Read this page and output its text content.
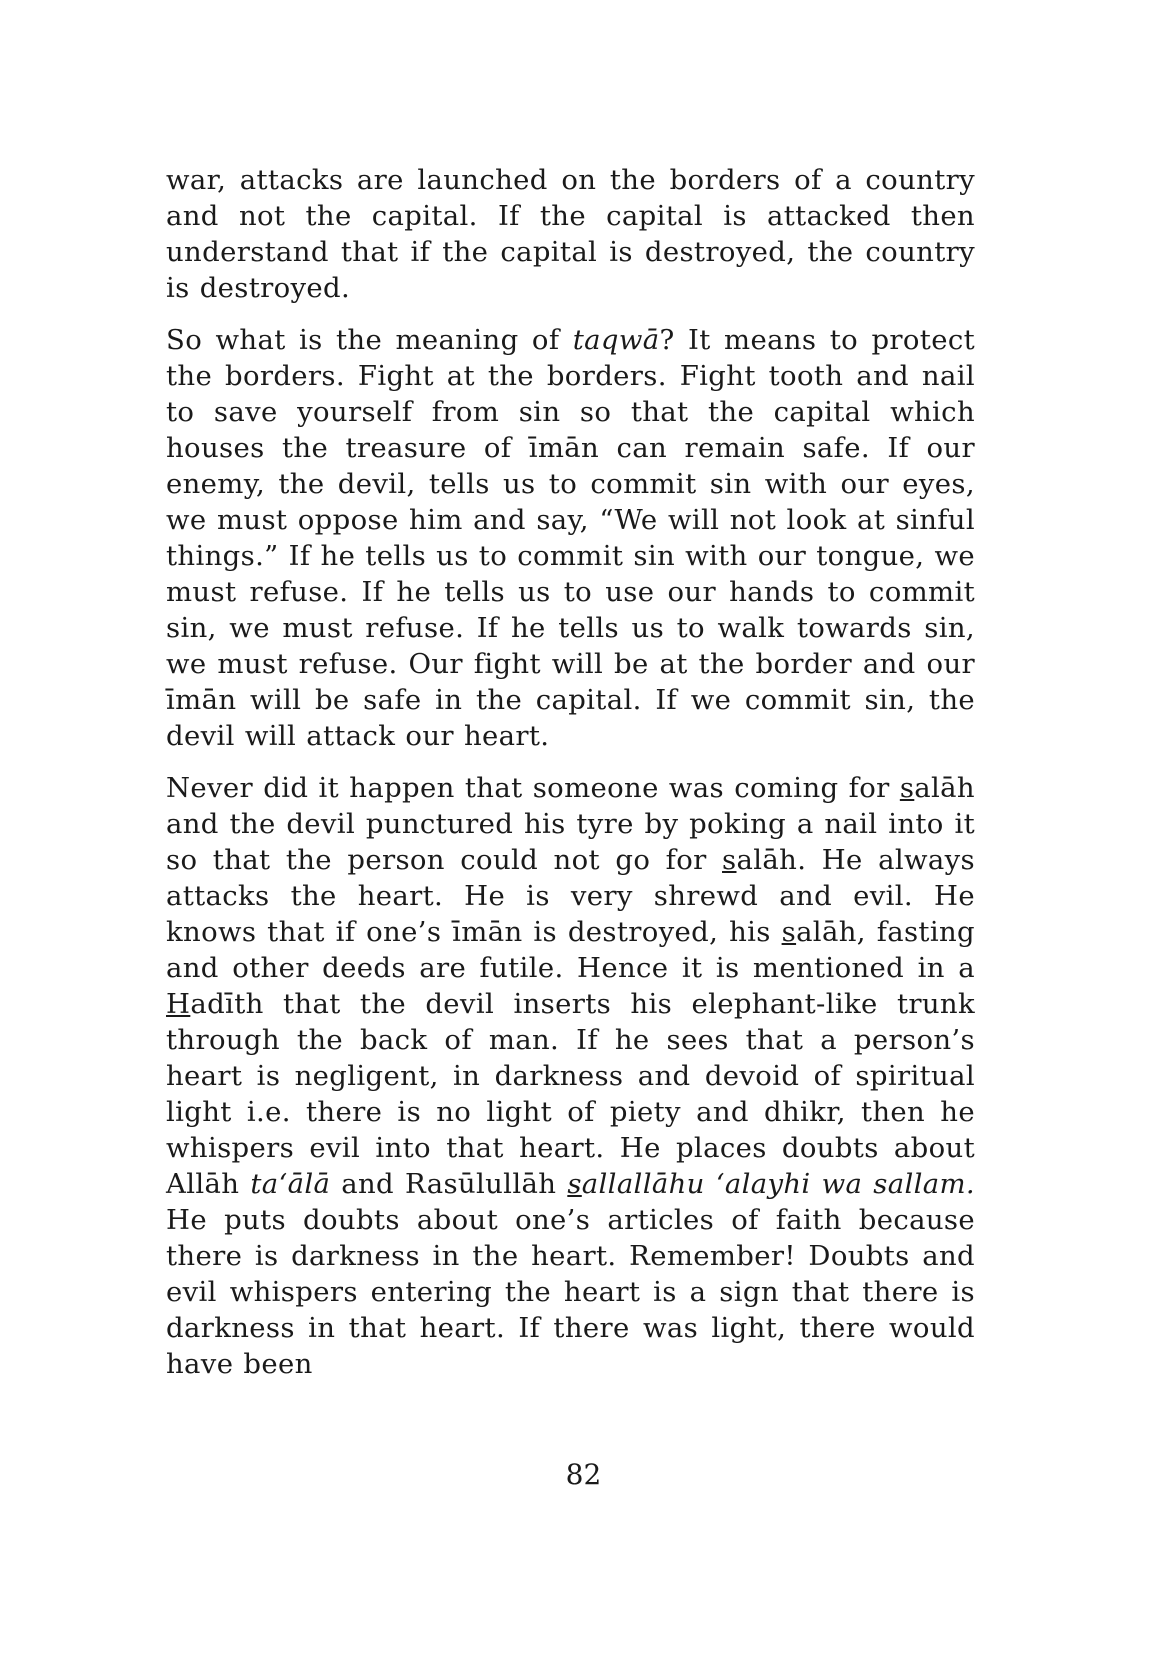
war, attacks are launched on the borders of a country and not the capital. If the capital is attacked then understand that if the capital is destroyed, the country is destroyed.

So what is the meaning of taqwā? It means to protect the borders. Fight at the borders. Fight tooth and nail to save yourself from sin so that the capital which houses the treasure of īmān can remain safe. If our enemy, the devil, tells us to commit sin with our eyes, we must oppose him and say, “We will not look at sinful things.” If he tells us to commit sin with our tongue, we must refuse. If he tells us to use our hands to commit sin, we must refuse. If he tells us to walk towards sin, we must refuse. Our fight will be at the border and our īmān will be safe in the capital. If we commit sin, the devil will attack our heart.

Never did it happen that someone was coming for salāh and the devil punctured his tyre by poking a nail into it so that the person could not go for salāh. He always attacks the heart. He is very shrewd and evil. He knows that if one’s īmān is destroyed, his salāh, fasting and other deeds are futile. Hence it is mentioned in a Hadīth that the devil inserts his elephant-like trunk through the back of man. If he sees that a person’s heart is negligent, in darkness and devoid of spiritual light i.e. there is no light of piety and dhikr, then he whispers evil into that heart. He places doubts about Allāh ta‘ālā and Rasūlullāh sallallāhu ‘alayhi wa sallam. He puts doubts about one’s articles of faith because there is darkness in the heart. Remember! Doubts and evil whispers entering the heart is a sign that there is darkness in that heart. If there was light, there would have been

82
